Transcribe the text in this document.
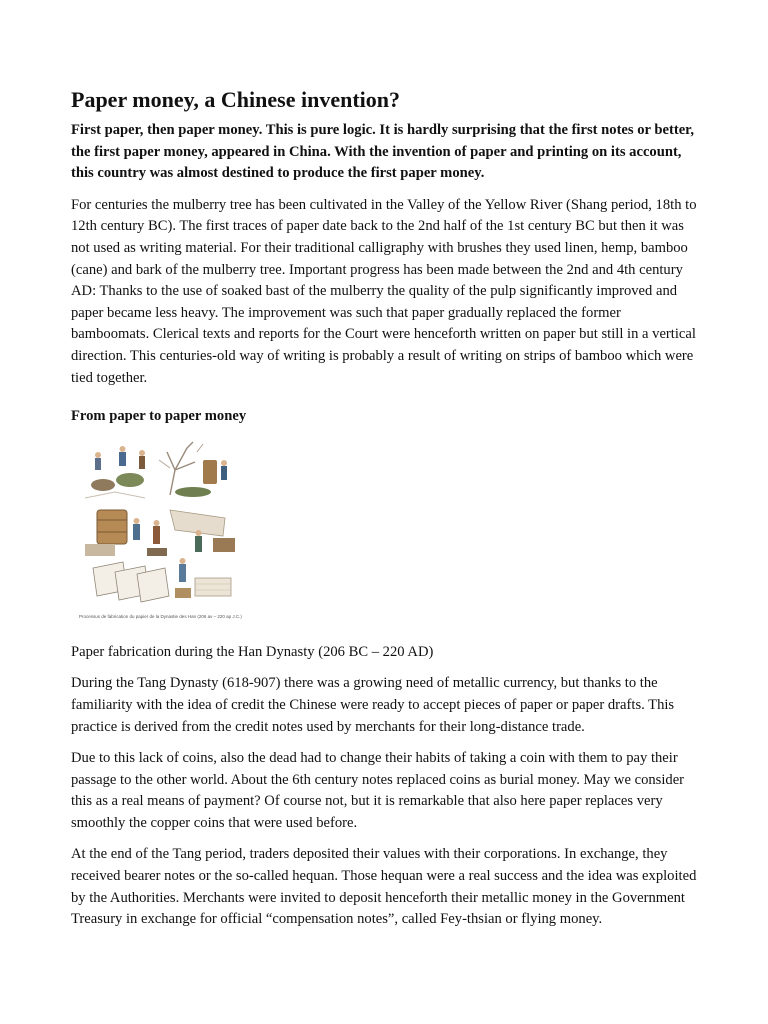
Paper money, a Chinese invention?

First paper, then paper money. This is pure logic. It is hardly surprising that the first notes or better, the first paper money, appeared in China. With the invention of paper and printing on its account, this country was almost destined to produce the first paper money.

For centuries the mulberry tree has been cultivated in the Valley of the Yellow River (Shang period, 18th to 12th century BC). The first traces of paper date back to the 2nd half of the 1st century BC but then it was not used as writing material. For their traditional calligraphy with brushes they used linen, hemp, bamboo (cane) and bark of the mulberry tree. Important progress has been made between the 2nd and 4th century AD: Thanks to the use of soaked bast of the mulberry the quality of the pulp significantly improved and paper became less heavy. The improvement was such that paper gradually replaced the former bamboomats. Clerical texts and reports for the Court were henceforth written on paper but still in a vertical direction. This centuries-old way of writing is probably a result of writing on strips of bamboo which were tied together.

From paper to paper money

Processus de fabrication du papier de la Dynastie des Han (206 av – 220 ap J.C.)

Paper fabrication during the Han Dynasty (206 BC – 220 AD)

During the Tang Dynasty (618-907) there was a growing need of metallic currency, but thanks to the familiarity with the idea of credit the Chinese were ready to accept pieces of paper or paper drafts. This practice is derived from the credit notes used by merchants for their long-distance trade.

Due to this lack of coins, also the dead had to change their habits of taking a coin with them to pay their passage to the other world. About the 6th century notes replaced coins as burial money. May we consider this as a real means of payment? Of course not, but it is remarkable that also here paper replaces very smoothly the copper coins that were used before.

At the end of the Tang period, traders deposited their values with their corporations. In exchange, they received bearer notes or the so-called hequan. Those hequan were a real success and the idea was exploited by the Authorities. Merchants were invited to deposit henceforth their metallic money in the Government Treasury in exchange for official “compensation notes”, called Fey-thsian or flying money.
